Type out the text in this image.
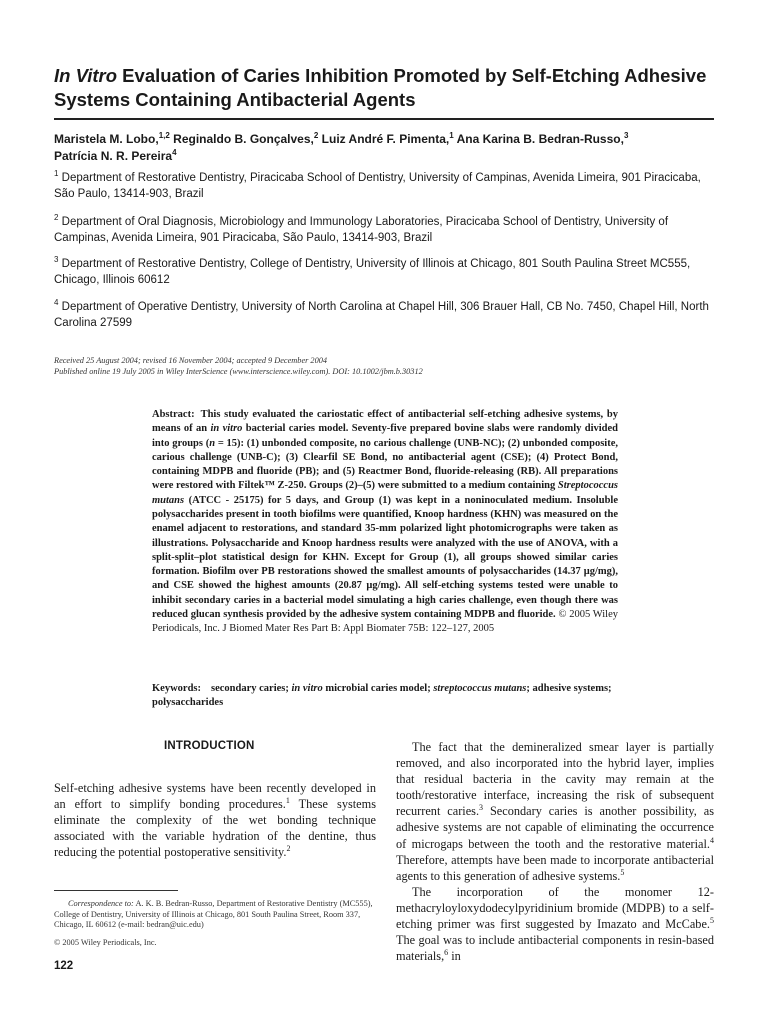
In Vitro Evaluation of Caries Inhibition Promoted by Self-Etching Adhesive Systems Containing Antibacterial Agents
Maristela M. Lobo,$^{1,2}$ Reginaldo B. Gonçalves,$^2$ Luiz André F. Pimenta,$^1$ Ana Karina B. Bedran-Russo,$^3$
Patrícia N. R. Pereira$^4$
$^1$ Department of Restorative Dentistry, Piracicaba School of Dentistry, University of Campinas, Avenida Limeira, 901 Piracicaba, São Paulo, 13414-903, Brazil
$^2$ Department of Oral Diagnosis, Microbiology and Immunology Laboratories, Piracicaba School of Dentistry, University of Campinas, Avenida Limeira, 901 Piracicaba, São Paulo, 13414-903, Brazil
$^3$ Department of Restorative Dentistry, College of Dentistry, University of Illinois at Chicago, 801 South Paulina Street MC555, Chicago, Illinois 60612
$^4$ Department of Operative Dentistry, University of North Carolina at Chapel Hill, 306 Brauer Hall, CB No. 7450, Chapel Hill, North Carolina 27599
Received 25 August 2004; revised 16 November 2004; accepted 9 December 2004
Published online 19 July 2005 in Wiley InterScience (www.interscience.wiley.com). DOI: 10.1002/jbm.b.30312
Abstract: This study evaluated the cariostatic effect of antibacterial self-etching adhesive systems, by means of an in vitro bacterial caries model. Seventy-five prepared bovine slabs were randomly divided into groups (n = 15): (1) unbonded composite, no carious challenge (UNB-NC); (2) unbonded composite, carious challenge (UNB-C); (3) Clearfil SE Bond, no antibacterial agent (CSE); (4) Protect Bond, containing MDPB and fluoride (PB); and (5) Reactmer Bond, fluoride-releasing (RB). All preparations were restored with Filtek™ Z-250. Groups (2)–(5) were submitted to a medium containing Streptococcus mutans (ATCC - 25175) for 5 days, and Group (1) was kept in a noninoculated medium. Insoluble polysaccharides present in tooth biofilms were quantified, Knoop hardness (KHN) was measured on the enamel adjacent to restorations, and standard 35-mm polarized light photomicrographs were taken as illustrations. Polysaccharide and Knoop hardness results were analyzed with the use of ANOVA, with a split-split–plot statistical design for KHN. Except for Group (1), all groups showed similar caries formation. Biofilm over PB restorations showed the smallest amounts of polysaccharides (14.37 μg/mg), and CSE showed the highest amounts (20.87 μg/mg). All self-etching systems tested were unable to inhibit secondary caries in a bacterial model simulating a high caries challenge, even though there was reduced glucan synthesis provided by the adhesive system containing MDPB and fluoride. © 2005 Wiley Periodicals, Inc. J Biomed Mater Res Part B: Appl Biomater 75B: 122–127, 2005
Keywords: secondary caries; in vitro microbial caries model; streptococcus mutans; adhesive systems; polysaccharides
INTRODUCTION
Self-etching adhesive systems have been recently developed in an effort to simplify bonding procedures.$^1$ These systems eliminate the complexity of the wet bonding technique associated with the variable hydration of the dentine, thus reducing the potential postoperative sensitivity.$^2$
Correspondence to: A. K. B. Bedran-Russo, Department of Restorative Dentistry (MC555), College of Dentistry, University of Illinois at Chicago, 801 South Paulina Street, Room 337, Chicago, IL 60612 (e-mail: bedran@uic.edu)
© 2005 Wiley Periodicals, Inc.
122

The fact that the demineralized smear layer is partially removed, and also incorporated into the hybrid layer, implies that residual bacteria in the cavity may remain at the tooth/restorative interface, increasing the risk of subsequent recurrent caries.$^3$ Secondary caries is another possibility, as adhesive systems are not capable of eliminating the occurrence of microgaps between the tooth and the restorative material.$^4$ Therefore, attempts have been made to incorporate antibacterial agents to this generation of adhesive systems.$^5$

The incorporation of the monomer 12-methacryloyloxydodecylpyridinium bromide (MDPB) to a self-etching primer was first suggested by Imazato and McCabe.$^5$ The goal was to include antibacterial components in resin-based materials,$^6$ in
